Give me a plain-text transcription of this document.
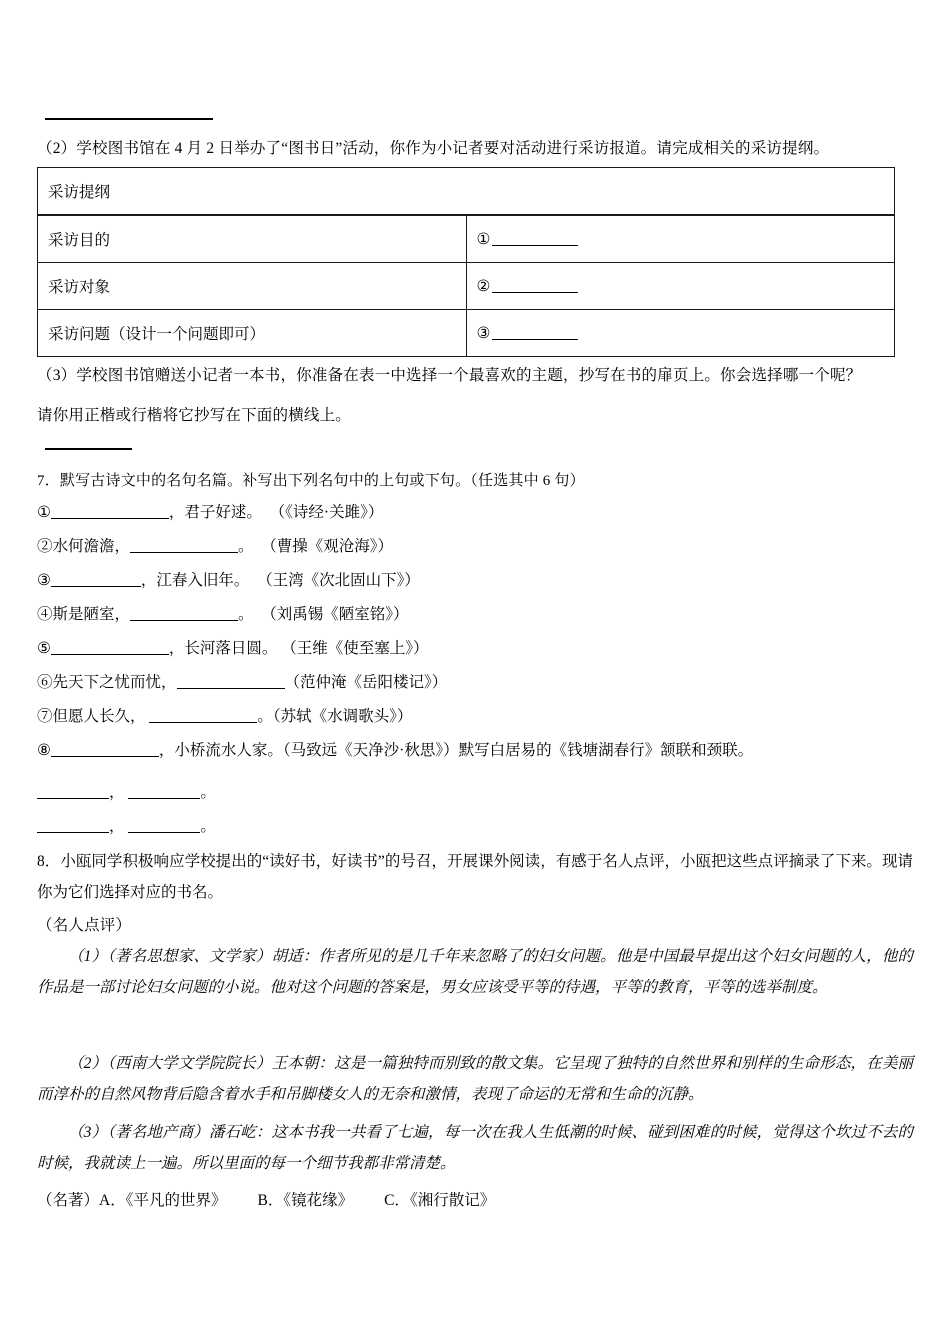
（2）学校图书馆在 4 月 2 日举办了“图书日”活动，你作为小记者要对活动进行采访报道。请完成相关的采访提纲。
采访提纲	
采访目的	①
采访对象	②
采访问题（设计一个问题即可）	③
（3）学校图书馆赠送小记者一本书，你准备在表一中选择一个最喜欢的主题，抄写在书的扉页上。你会选择哪一个呢？
请你用正楷或行楷将它抄写在下面的横线上。
7．默写古诗文中的名句名篇。补写出下列名句中的上句或下句。（任选其中 6 句）
①	，君子好逑。 （《诗经·关雎》）
②水何澹澹，	。 （曹操《观沧海》）
③	，江春入旧年。 （王湾《次北固山下》）
④斯是陋室，	。 （刘禹锡《陋室铭》）
⑤	，长河落日圆。 （王维《使至塞上》）
⑥先天下之忧而忧，	（范仲淹《岳阳楼记》）
⑦但愿人长久，	。（苏轼《水调歌头》）
⑧	，小桥流水人家。（马致远《天净沙·秋思》）默写白居易的《钱塘湖春行》颔联和颈联。
，	。
，	。
8．小瓯同学积极响应学校提出的“读好书，好读书”的号召，开展课外阅读，有感于名人点评，小瓯把这些点评摘录了下来。现请你为它们选择对应的书名。
（名人点评）
（1）（著名思想家、文学家）胡适：作者所见的是几千年来忽略了的妇女问题。他是中国最早提出这个妇女问题的人，他的作品是一部讨论妇女问题的小说。他对这个问题的答案是，男女应该受平等的待遇，平等的教育，平等的选举制度。
（2）（西南大学文学院院长）王本朝：这是一篇独特而别致的散文集。它呈现了独特的自然世界和别样的生命形态，在美丽而淳朴的自然风物背后隐含着水手和吊脚楼女人的无奈和激情，表现了命运的无常和生命的沉静。
（3）（著名地产商）潘石屹：这本书我一共看了七遍，每一次在我人生低潮的时候、碰到困难的时候，觉得这个坎过不去的时候，我就读上一遍。所以里面的每一个细节我都非常清楚。
（名著）A．《平凡的世界》 B．《镜花缘》 C．《湘行散记》
